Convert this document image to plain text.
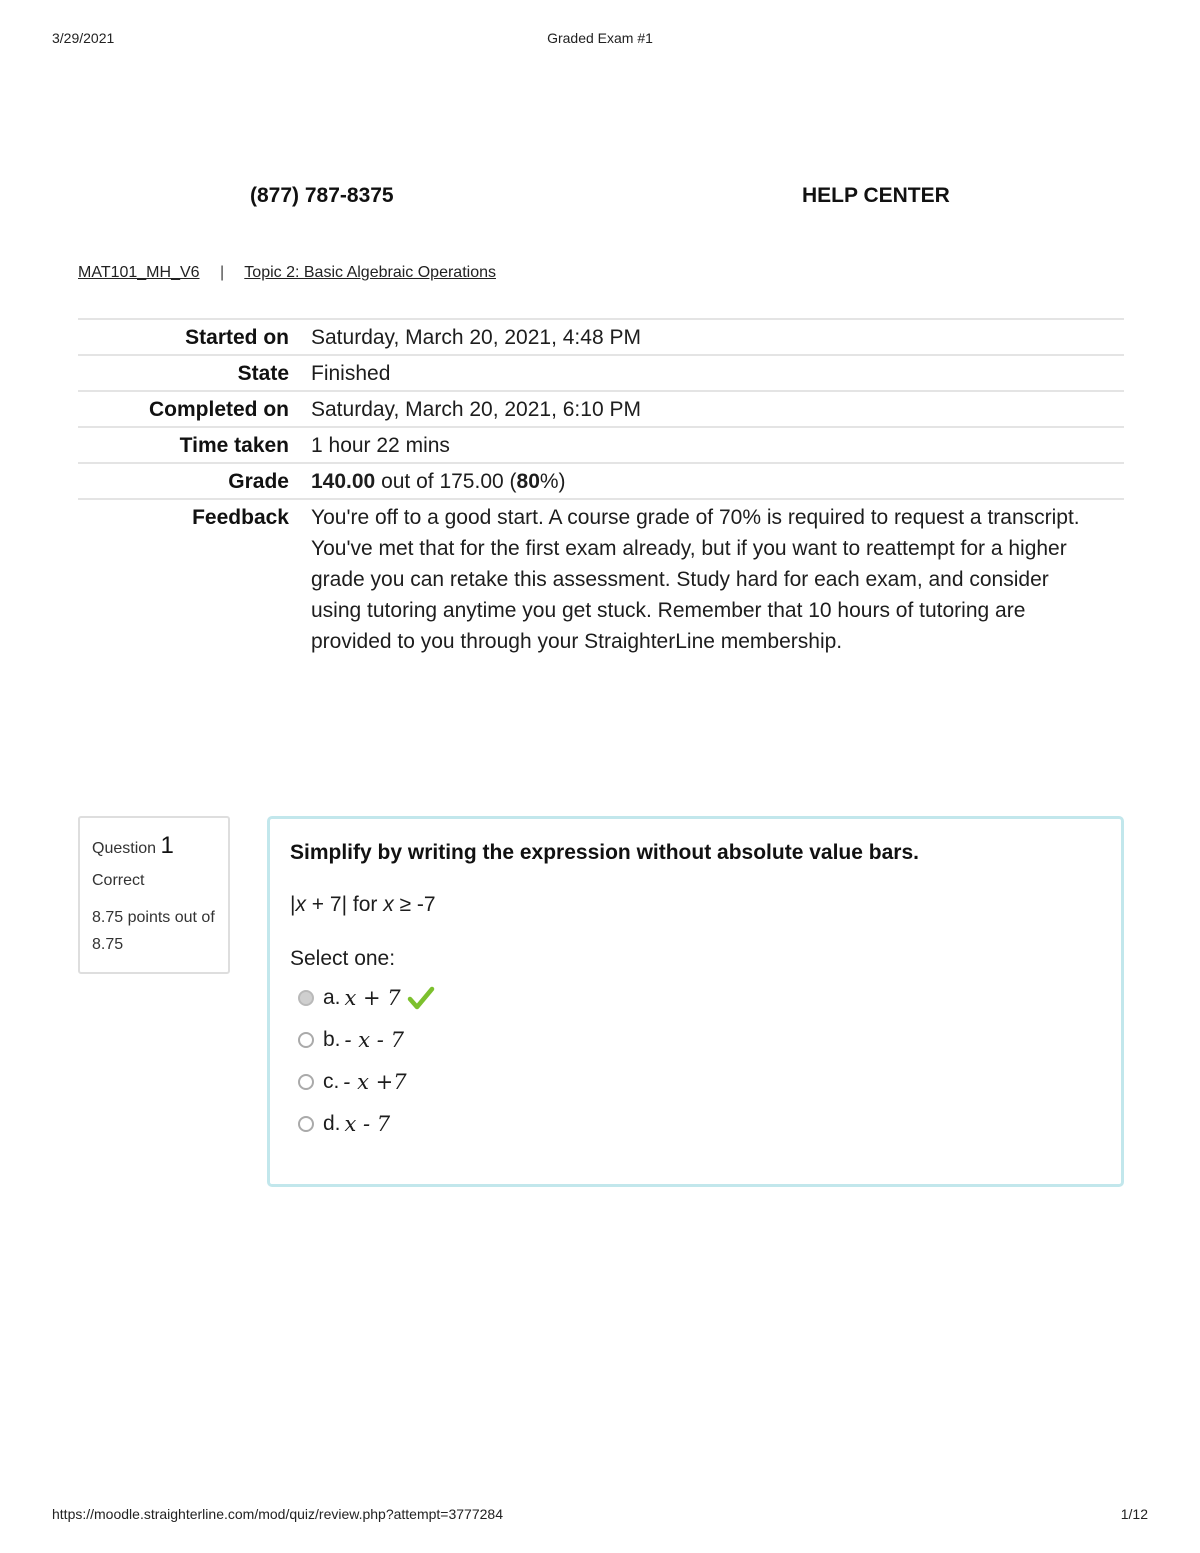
3/29/2021	Graded Exam #1
(877) 787-8375	HELP CENTER
MAT101_MH_V6 | Topic 2: Basic Algebraic Operations
Started on	Saturday, March 20, 2021, 4:48 PM
State	Finished
Completed on	Saturday, March 20, 2021, 6:10 PM
Time taken	1 hour 22 mins
Grade	140.00 out of 175.00 (80%)
Feedback	You're off to a good start. A course grade of 70% is required to request a transcript. You've met that for the first exam already, but if you want to reattempt for a higher grade you can retake this assessment. Study hard for each exam, and consider using tutoring anytime you get stuck. Remember that 10 hours of tutoring are provided to you through your StraighterLine membership.
Question 1
Correct
8.75 points out of 8.75
Simplify by writing the expression without absolute value bars.
|x + 7| for x ≥ -7
Select one:
a. x + 7
b. - x - 7
c. - x +7
d. x - 7
https://moodle.straighterline.com/mod/quiz/review.php?attempt=3777284	1/12
